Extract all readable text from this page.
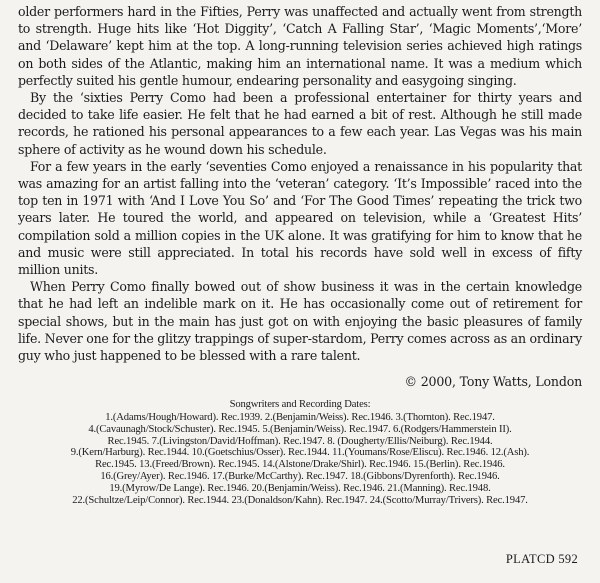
older performers hard in the Fifties, Perry was unaffected and actually went from strength to strength. Huge hits like ‘Hot Diggity’, ‘Catch A Falling Star’, ‘Magic Moments’,‘More’ and ‘Delaware’ kept him at the top. A long-running television series achieved high ratings on both sides of the Atlantic, making him an international name. It was a medium which perfectly suited his gentle humour, endearing personality and easygoing singing.

By the ‘sixties Perry Como had been a professional entertainer for thirty years and decided to take life easier. He felt that he had earned a bit of rest. Although he still made records, he rationed his personal appearances to a few each year. Las Vegas was his main sphere of activity as he wound down his schedule.

For a few years in the early ‘seventies Como enjoyed a renaissance in his popularity that was amazing for an artist falling into the ‘veteran’ category. ‘It’s Impossible’ raced into the top ten in 1971 with ‘And I Love You So’ and ‘For The Good Times’ repeating the trick two years later. He toured the world, and appeared on television, while a ‘Greatest Hits’ compilation sold a million copies in the UK alone. It was gratifying for him to know that he and music were still appreciated. In total his records have sold well in excess of fifty million units.

When Perry Como finally bowed out of show business it was in the certain knowledge that he had left an indelible mark on it. He has occasionally come out of retirement for special shows, but in the main has just got on with enjoying the basic pleasures of family life. Never one for the glitzy trappings of super-stardom, Perry comes across as an ordinary guy who just happened to be blessed with a rare talent.

© 2000, Tony Watts, London

Songwriters and Recording Dates:
1.(Adams/Hough/Howard). Rec.1939. 2.(Benjamin/Weiss). Rec.1946. 3.(Thornton). Rec.1947.
4.(Cavaunagh/Stock/Schuster). Rec.1945. 5.(Benjamin/Weiss). Rec.1947. 6.(Rodgers/Hammerstein II).
Rec.1945. 7.(Livingston/David/Hoffman). Rec.1947. 8. (Dougherty/Ellis/Neiburg). Rec.1944.
9.(Kern/Harburg). Rec.1944. 10.(Goetschius/Osser). Rec.1944. 11.(Youmans/Rose/Eliscu). Rec.1946. 12.(Ash).
Rec.1945. 13.(Freed/Brown). Rec.1945. 14.(Alstone/Drake/Shirl). Rec.1946. 15.(Berlin). Rec.1946.
16.(Grey/Ayer). Rec.1946. 17.(Burke/McCarthy). Rec.1947. 18.(Gibbons/Dyrenforth). Rec.1946.
19.(Myrow/De Lange). Rec.1946. 20.(Benjamin/Weiss). Rec.1946. 21.(Manning). Rec.1948.
22.(Schultze/Leip/Connor). Rec.1944. 23.(Donaldson/Kahn). Rec.1947. 24.(Scotto/Murray/Trivers). Rec.1947.
PLATCD 592
